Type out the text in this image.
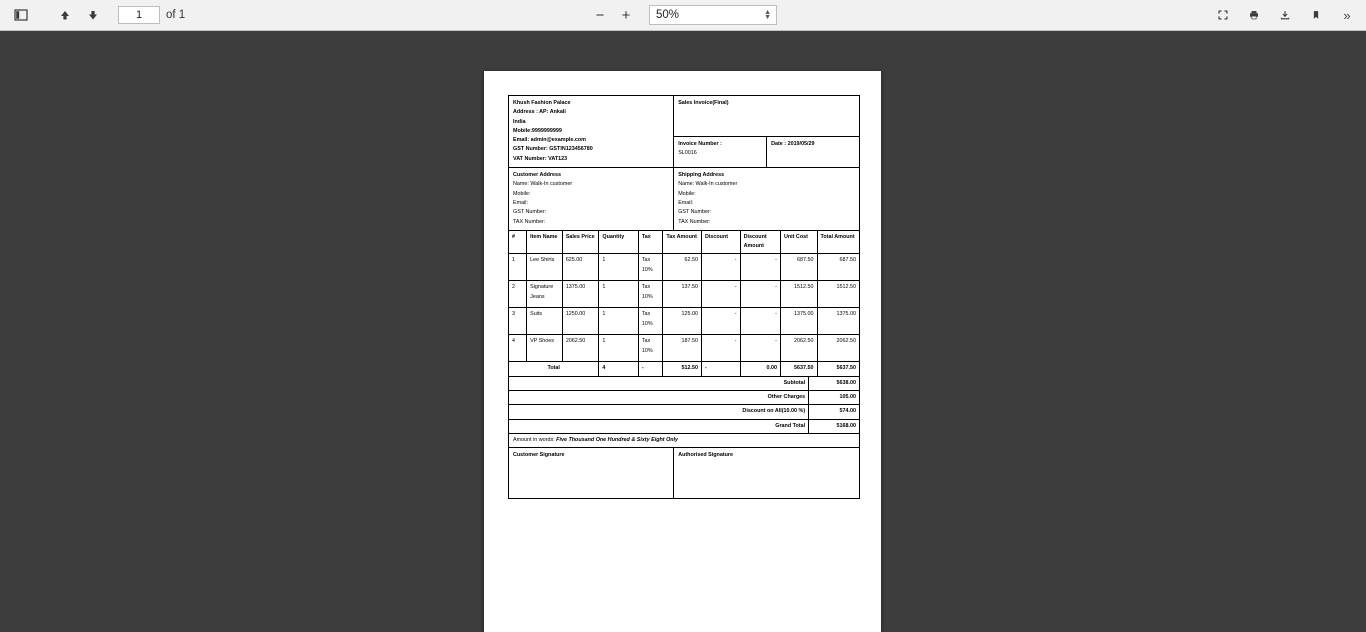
1
of 1	−	+	50%	▲
▼	»
Khush Fashion Palace
Address : AP: Ankali
India
Mobile:9999999999
Email: admin@example.com
GST Number: GSTIN123456780
VAT Number: VAT123

Sales Invoice(Final)

	Invoice Number :
SL0016	Date : 2019/05/29
Customer Address
Name: Walk-In customer
Mobile:
Email:
GST Number:
TAX Number:

Shipping Address
Name: Walk-In customer
Mobile:
Email:
GST Number:
TAX Number:
#	Item Name	Sales Price	Quantity	Tax	Tax Amount	Discount	Discount Amount	Unit Cost	Total Amount
1	Lee Shirts	625.00	1	Tax 10%	62.50	-	-	687.50	687.50
2	Signature Jeans	1375.00	1	Tax 10%	137.50	-	-	1512.50	1512.50
3	Suits	1250.00	1	Tax 10%	125.00	-	-	1375.00	1375.00
4	VP Shoes	2062.50	1	Tax 10%	187.50	-	-	2062.50	2062.50
Total			4	-	512.50	-	0.00	5637.50	5637.50
Subtotal	5638.00
Other Charges	105.00
Discount on All(10.00 %)	574.00
Grand Total	5168.00
Amount in words: Five Thousand One Hundred & Sixty Eight Only
Customer Signature	Authorised Signature
